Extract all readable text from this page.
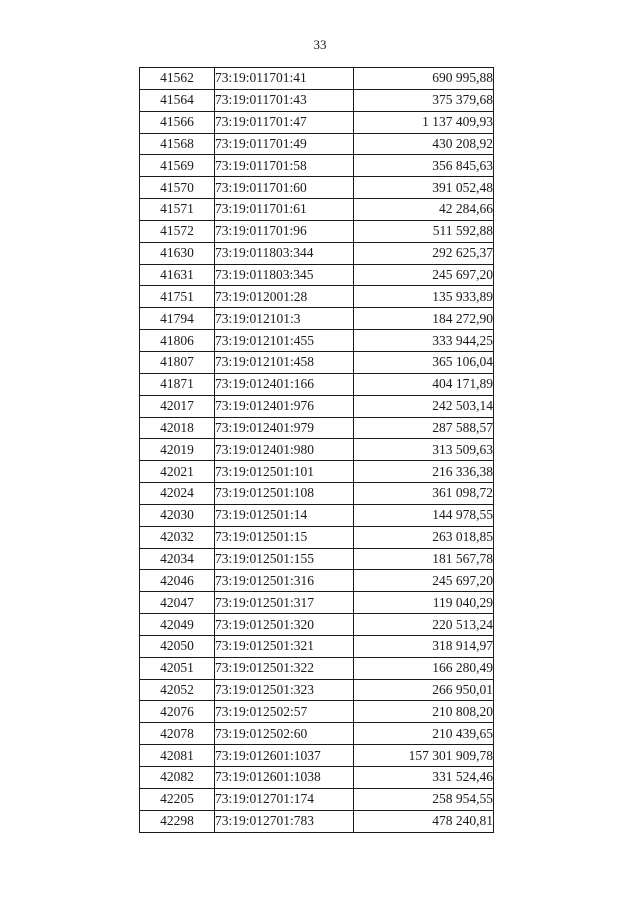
33
41562	73:19:011701:41	690 995,88
41564	73:19:011701:43	375 379,68
41566	73:19:011701:47	1 137 409,93
41568	73:19:011701:49	430 208,92
41569	73:19:011701:58	356 845,63
41570	73:19:011701:60	391 052,48
41571	73:19:011701:61	42 284,66
41572	73:19:011701:96	511 592,88
41630	73:19:011803:344	292 625,37
41631	73:19:011803:345	245 697,20
41751	73:19:012001:28	135 933,89
41794	73:19:012101:3	184 272,90
41806	73:19:012101:455	333 944,25
41807	73:19:012101:458	365 106,04
41871	73:19:012401:166	404 171,89
42017	73:19:012401:976	242 503,14
42018	73:19:012401:979	287 588,57
42019	73:19:012401:980	313 509,63
42021	73:19:012501:101	216 336,38
42024	73:19:012501:108	361 098,72
42030	73:19:012501:14	144 978,55
42032	73:19:012501:15	263 018,85
42034	73:19:012501:155	181 567,78
42046	73:19:012501:316	245 697,20
42047	73:19:012501:317	119 040,29
42049	73:19:012501:320	220 513,24
42050	73:19:012501:321	318 914,97
42051	73:19:012501:322	166 280,49
42052	73:19:012501:323	266 950,01
42076	73:19:012502:57	210 808,20
42078	73:19:012502:60	210 439,65
42081	73:19:012601:1037	157 301 909,78
42082	73:19:012601:1038	331 524,46
42205	73:19:012701:174	258 954,55
42298	73:19:012701:783	478 240,81
